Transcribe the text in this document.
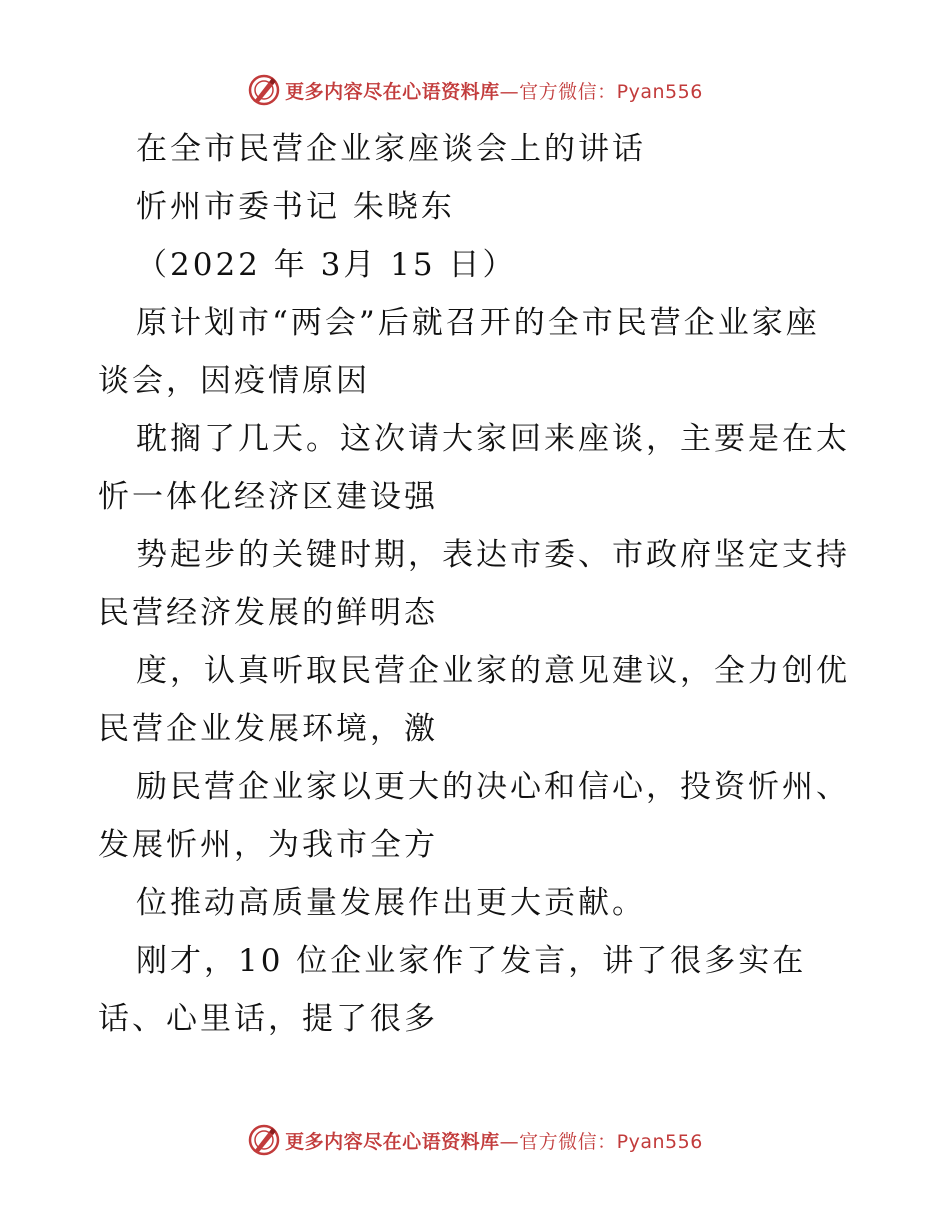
更多内容尽在心语资料库—官方微信：Pyan556
在全市民营企业家座谈会上的讲话
忻州市委书记 朱晓东
（2022 年 3月 15 日）
原计划市“两会”后就召开的全市民营企业家座
谈会，因疫情原因
耽搁了几天。这次请大家回来座谈，主要是在太
忻一体化经济区建设强
势起步的关键时期，表达市委、市政府坚定支持
民营经济发展的鲜明态
度，认真听取民营企业家的意见建议，全力创优
民营企业发展环境，激
励民营企业家以更大的决心和信心，投资忻州、
发展忻州，为我市全方
位推动高质量发展作出更大贡献。
刚才，10 位企业家作了发言，讲了很多实在
话、心里话，提了很多
更多内容尽在心语资料库—官方微信：Pyan556
